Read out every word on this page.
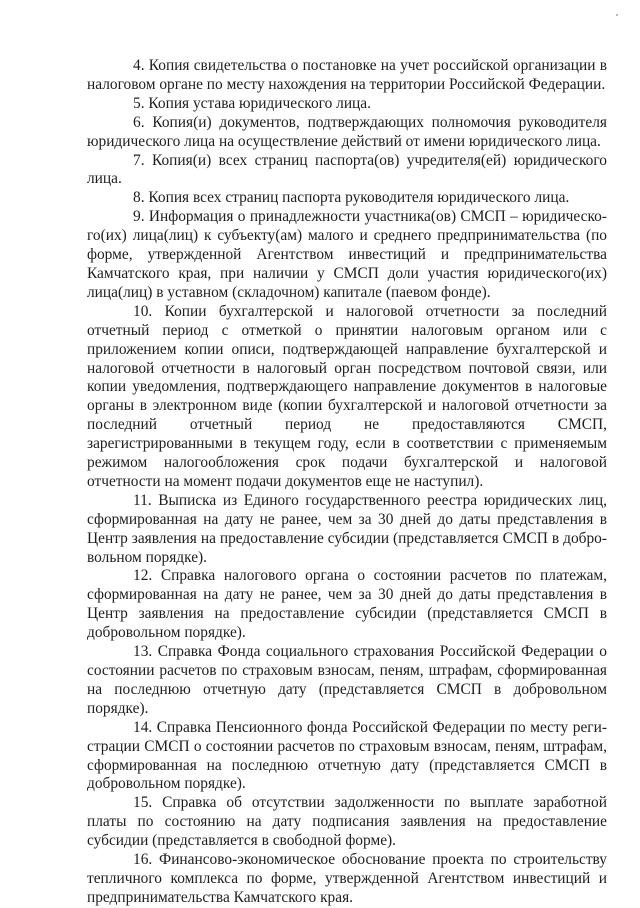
4. Копия свидетельства о постановке на учет российской организации в налоговом органе по месту нахождения на территории Российской Федерации.

5. Копия устава юридического лица.

6. Копия(и) документов, подтверждающих полномочия руководителя юридического лица на осуществление действий от имени юридического лица.

7. Копия(и) всех страниц паспорта(ов) учредителя(ей) юридического лица.

8. Копия всех страниц паспорта руководителя юридического лица.

9. Информация о принадлежности участника(ов) СМСП – юридического(их) лица(лиц) к субъекту(ам) малого и среднего предпринимательства (по форме, утвержденной Агентством инвестиций и предпринимательства Камчатского края, при наличии у СМСП доли участия юридического(их) лица(лиц) в уставном (складочном) капитале (паевом фонде).

10. Копии бухгалтерской и налоговой отчетности за последний отчетный период с отметкой о принятии налоговым органом или с приложением копии описи, подтверждающей направление бухгалтерской и налоговой отчетности в налоговый орган посредством почтовой связи, или копии уведомления, подтверждающего направление документов в налоговые органы в электронном виде (копии бухгалтерской и налоговой отчетности за последний отчетный период не предоставляются СМСП, зарегистрированными в текущем году, если в соответствии с применяемым режимом налогообложения срок подачи бухгалтерской и налоговой отчетности на момент подачи документов еще не наступил).

11. Выписка из Единого государственного реестра юридических лиц, сформированная на дату не ранее, чем за 30 дней до даты представления в Центр заявления на предоставление субсидии (представляется СМСП в добровольном порядке).

12. Справка налогового органа о состоянии расчетов по платежам, сформированная на дату не ранее, чем за 30 дней до даты представления в Центр заявления на предоставление субсидии (представляется СМСП в добровольном порядке).

13. Справка Фонда социального страхования Российской Федерации о состоянии расчетов по страховым взносам, пеням, штрафам, сформированная на последнюю отчетную дату (представляется СМСП в добровольном порядке).

14. Справка Пенсионного фонда Российской Федерации по месту регистрации СМСП о состоянии расчетов по страховым взносам, пеням, штрафам, сформированная на последнюю отчетную дату (представляется СМСП в добровольном порядке).

15. Справка об отсутствии задолженности по выплате заработной платы по состоянию на дату подписания заявления на предоставление субсидии (представляется в свободной форме).

16. Финансово-экономическое обоснование проекта по строительству тепличного комплекса по форме, утвержденной Агентством инвестиций и предпринимательства Камчатского края.
